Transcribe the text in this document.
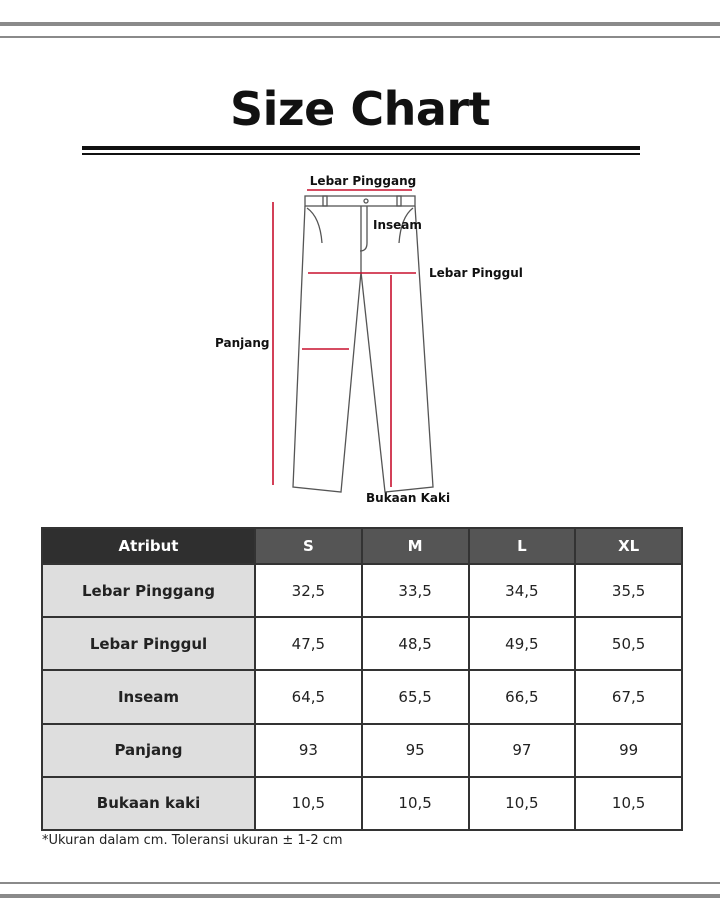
Size Chart
Lebar Pinggang
Inseam
Lebar Pinggul
Panjang
Bukaan Kaki
Atribut	S	M	L	XL
Lebar Pinggang	32,5	33,5	34,5	35,5
Lebar Pinggul	47,5	48,5	49,5	50,5
Inseam	64,5	65,5	66,5	67,5
Panjang	93	95	97	99
Bukaan kaki	10,5	10,5	10,5	10,5
*Ukuran dalam cm. Toleransi ukuran ± 1-2 cm
